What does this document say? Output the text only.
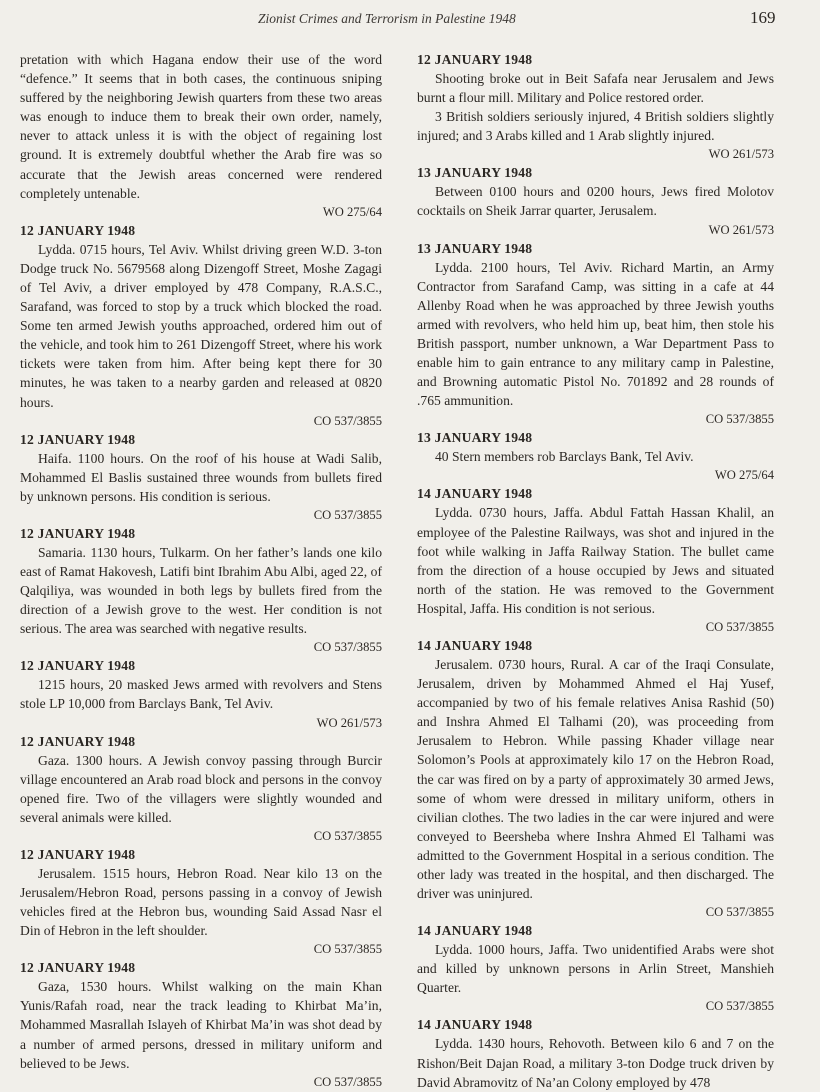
Zionist Crimes and Terrorism in Palestine 1948	169

pretation with which Hagana endow their use of the word “defence.” It seems that in both cases, the continuous sniping suffered by the neighboring Jewish quarters from these two areas was enough to induce them to break their own order, namely, never to attack unless it is with the object of regaining lost ground. It is extremely doubtful whether the Arab fire was so accurate that the Jewish areas concerned were rendered completely untenable.

WO 275/64

12 JANUARY 1948

Lydda. 0715 hours, Tel Aviv. Whilst driving green W.D. 3-ton Dodge truck No. 5679568 along Dizengoff Street, Moshe Zagagi of Tel Aviv, a driver employed by 478 Company, R.A.S.C., Sarafand, was forced to stop by a truck which blocked the road. Some ten armed Jewish youths approached, ordered him out of the vehicle, and took him to 261 Dizengoff Street, where his work tickets were taken from him. After being kept there for 30 minutes, he was taken to a nearby garden and released at 0820 hours.

CO 537/3855

12 JANUARY 1948

Haifa. 1100 hours. On the roof of his house at Wadi Salib, Mohammed El Baslis sustained three wounds from bullets fired by unknown persons. His condition is serious.

CO 537/3855

12 JANUARY 1948

Samaria. 1130 hours, Tulkarm. On her father’s lands one kilo east of Ramat Hakovesh, Latifi bint Ibrahim Abu Albi, aged 22, of Qalqiliya, was wounded in both legs by bullets fired from the direction of a Jewish grove to the west. Her condition is not serious. The area was searched with negative results.

CO 537/3855

12 JANUARY 1948

1215 hours, 20 masked Jews armed with revolvers and Stens stole LP 10,000 from Barclays Bank, Tel Aviv.

WO 261/573

12 JANUARY 1948

Gaza. 1300 hours. A Jewish convoy passing through Burcir village encountered an Arab road block and persons in the convoy opened fire. Two of the villagers were slightly wounded and several animals were killed.

CO 537/3855

12 JANUARY 1948

Jerusalem. 1515 hours, Hebron Road. Near kilo 13 on the Jerusalem/Hebron Road, persons passing in a convoy of Jewish vehicles fired at the Hebron bus, wounding Said Assad Nasr el Din of Hebron in the left shoulder.

CO 537/3855

12 JANUARY 1948

Gaza, 1530 hours. Whilst walking on the main Khan Yunis/Rafah road, near the track leading to Khirbat Ma’in, Mohammed Masrallah Islayeh of Khirbat Ma’in was shot dead by a number of armed persons, dressed in military uniform and believed to be Jews.

CO 537/3855

12 JANUARY 1948

Shooting broke out in Beit Safafa near Jerusalem and Jews burnt a flour mill. Military and Police restored order.

3 British soldiers seriously injured, 4 British soldiers slightly injured; and 3 Arabs killed and 1 Arab slightly injured.

WO 261/573

13 JANUARY 1948

Between 0100 hours and 0200 hours, Jews fired Molotov cocktails on Sheik Jarrar quarter, Jerusalem.

WO 261/573

13 JANUARY 1948

Lydda. 2100 hours, Tel Aviv. Richard Martin, an Army Contractor from Sarafand Camp, was sitting in a cafe at 44 Allenby Road when he was approached by three Jewish youths armed with revolvers, who held him up, beat him, then stole his British passport, number unknown, a War Department Pass to enable him to gain entrance to any military camp in Palestine, and Browning automatic Pistol No. 701892 and 28 rounds of .765 ammunition.

CO 537/3855

13 JANUARY 1948

40 Stern members rob Barclays Bank, Tel Aviv.

WO 275/64

14 JANUARY 1948

Lydda. 0730 hours, Jaffa. Abdul Fattah Hassan Khalil, an employee of the Palestine Railways, was shot and injured in the foot while walking in Jaffa Railway Station. The bullet came from the direction of a house occupied by Jews and situated north of the station. He was removed to the Government Hospital, Jaffa. His condition is not serious.

CO 537/3855

14 JANUARY 1948

Jerusalem. 0730 hours, Rural. A car of the Iraqi Consulate, Jerusalem, driven by Mohammed Ahmed el Haj Yusef, accompanied by two of his female relatives Anisa Rashid (50) and Inshra Ahmed El Talhami (20), was proceeding from Jerusalem to Hebron. While passing Khader village near Solomon’s Pools at approximately kilo 17 on the Hebron Road, the car was fired on by a party of approximately 30 armed Jews, some of whom were dressed in military uniform, others in civilian clothes. The two ladies in the car were injured and were conveyed to Beersheba where Inshra Ahmed El Talhami was admitted to the Government Hospital in a serious condition. The other lady was treated in the hospital, and then discharged. The driver was uninjured.

CO 537/3855

14 JANUARY 1948

Lydda. 1000 hours, Jaffa. Two unidentified Arabs were shot and killed by unknown persons in Arlin Street, Manshieh Quarter.

CO 537/3855

14 JANUARY 1948

Lydda. 1430 hours, Rehovoth. Between kilo 6 and 7 on the Rishon/Beit Dajan Road, a military 3-ton Dodge truck driven by David Abramovitz of Na’an Colony employed by 478
